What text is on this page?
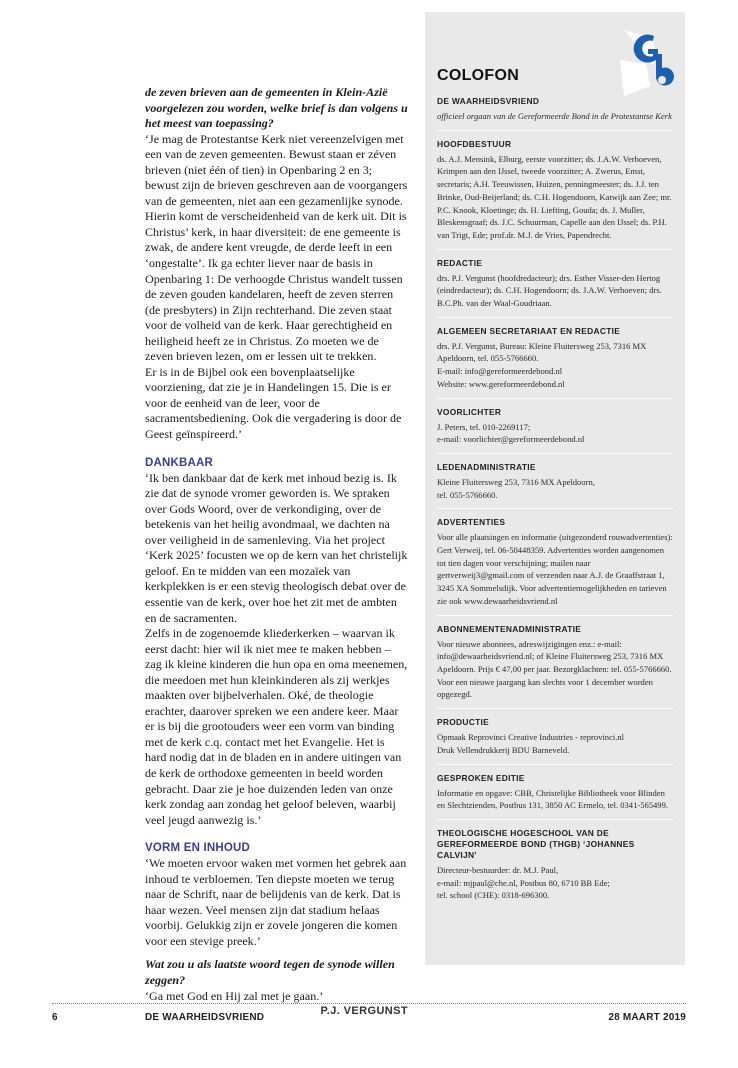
de zeven brieven aan de gemeenten in Klein-Azië voorgelezen zou worden, welke brief is dan volgens u het meest van toepassing?

‘Je mag de Protestantse Kerk niet vereenzelvigen met een van de zeven gemeenten. Bewust staan er zéven brieven (niet één of tien) in Openbaring 2 en 3; bewust zijn de brieven geschreven aan de voorgangers van de gemeenten, niet aan een gezamenlijke synode. Hierin komt de verscheidenheid van de kerk uit. Dit is Christus’ kerk, in haar diversiteit: de ene gemeente is zwak, de andere kent vreugde, de derde leeft in een ‘ongestalte’. Ik ga echter liever naar de basis in Openbaring 1: De verhoogde Christus wandelt tussen de zeven gouden kandelaren, heeft de zeven sterren (de presbyters) in Zijn rechterhand. Die zeven staat voor de volheid van de kerk. Haar gerechtigheid en heiligheid heeft ze in Christus. Zo moeten we de zeven brieven lezen, om er lessen uit te trekken.

Er is in de Bijbel ook een bovenplaatselijke voorziening, dat zie je in Handelingen 15. Die is er voor de eenheid van de leer, voor de sacramentsbediening. Ook die vergadering is door de Geest geïnspireerd.’

DANKBAAR

‘Ik ben dankbaar dat de kerk met inhoud bezig is. Ik zie dat de synode vromer geworden is. We spraken over Gods Woord, over de verkondiging, over de betekenis van het heilig avondmaal, we dachten na over veiligheid in de samenleving. Via het project ‘Kerk 2025’ focusten we op de kern van het christelijk geloof. En te midden van een mozaïek van kerkplekken is er een stevig theologisch debat over de essentie van de kerk, over hoe het zit met de ambten en de sacramenten.

Zelfs in de zogenoemde kliederkerken – waarvan ik eerst dacht: hier wil ik niet mee te maken hebben – zag ik kleine kinderen die hun opa en oma meenemen, die meedoen met hun kleinkinderen als zij werkjes maakten over bijbelverhalen. Oké, de theologie erachter, daarover spreken we een andere keer. Maar er is bij die grootouders weer een vorm van binding met de kerk c.q. contact met het Evangelie. Het is hard nodig dat in de bladen en in andere uitingen van de kerk de orthodoxe gemeenten in beeld worden gebracht. Daar zie je hoe duizenden leden van onze kerk zondag aan zondag het geloof beleven, waarbij veel jeugd aanwezig is.’

VORM EN INHOUD

‘We moeten ervoor waken met vormen het gebrek aan inhoud te verbloemen. Ten diepste moeten we terug naar de Schrift, naar de belijdenis van de kerk. Dat is haar wezen. Veel mensen zijn dat stadium helaas voorbij. Gelukkig zijn er zovele jongeren die komen voor een stevige preek.’

Wat zou u als laatste woord tegen de synode willen zeggen?

‘Ga met God en Hij zal met je gaan.’

P.J. VERGUNST
COLOFON
DE WAARHEIDSVRIEND
officieel orgaan van de Gereformeerde Bond in de Protestantse Kerk
HOOFDBESTUUR
ds. A.J. Mensink, Elburg, eerste voorzitter; ds. J.A.W. Verhoeven, Krimpen aan den IJssel, tweede voorzitter; A. Zwerus, Emst, secretaris; A.H. Teeuwissen, Huizen, penningmeester; ds. J.J. ten Brinke, Oud-Beijerland; ds. C.H. Hogendoorn, Katwijk aan Zee; mr. P.C. Knook, Kloetinge; ds. H. Liefting, Gouda; ds. J. Muller, Bleskensgraaf; ds. J.C. Schuurman, Capelle aan den IJssel; ds. P.H. van Trigt, Ede; prof.dr. M.J. de Vries, Papendrecht.
REDACTIE
drs. P.J. Vergunst (hoofdredacteur); drs. Esther Visser-den Hertog (eindredacteur); ds. C.H. Hogendoorn; ds. J.A.W. Verhoeven; drs. B.C.Ph. van der Waal-Goudriaan.
ALGEMEEN SECRETARIAAT EN REDACTIE
drs. P.J. Vergunst, Bureau: Kleine Fluitersweg 253, 7316 MX Apeldoorn, tel. 055-5766660.
E-mail: info@gereformeerdebond.nl
Website: www.gereformeerdebond.nl
VOORLICHTER
J. Peters, tel. 010-2269117;
e-mail: voorlichter@gereformeerdebond.nl
LEDENADMINISTRATIE
Kleine Fluitersweg 253, 7316 MX Apeldoorn,
tel. 055-5766660.
ADVERTENTIES
Voor alle plaatsingen en informatie (uitgezonderd rouwadvertenties): Gert Verweij, tel. 06-50448359. Advertenties worden aangenomen tot tien dagen voor verschijning; mailen naar gertverweij3@gmail.com of verzenden naar A.J. de Graaffstraat 1, 3245 XA Sommelsdijk. Voor advertentiemogelijkheden en tarieven zie ook www.dewaarheidsvriend.nl
ABONNEMENTENADMINISTRATIE
Voor nieuwe abonnees, adreswijzigingen enz.: e-mail: info@dewaarheidsvriend.nl; of Kleine Fluitersweg 253, 7316 MX Apeldoorn. Prijs € 47,00 per jaar. Bezorgklachten: tel. 055-5766660. Voor een nieuwe jaargang kan slechts voor 1 december worden opgezegd.
PRODUCTIE
Opmaak Reprovinci Creative Industries - reprovinci.nl
Druk Vellendrukkerij BDU Barneveld.
GESPROKEN EDITIE
Informatie en opgave: CBB, Christelijke Bibliotheek voor Blinden en Slechtzienden, Postbus 131, 3850 AC Ermelo, tel. 0341-565499.
THEOLOGISCHE HOGESCHOOL VAN DE GEREFORMEERDE BOND (THGB) ‘JOHANNES CALVIJN’
Directeur-bestuurder: dr. M.J. Paul,
e-mail: mjpaul@che.nl, Postbus 80, 6710 BB Ede;
tel. school (CHE): 0318-696300.
6	DE WAARHEIDSVRIEND	28 MAART 2019
